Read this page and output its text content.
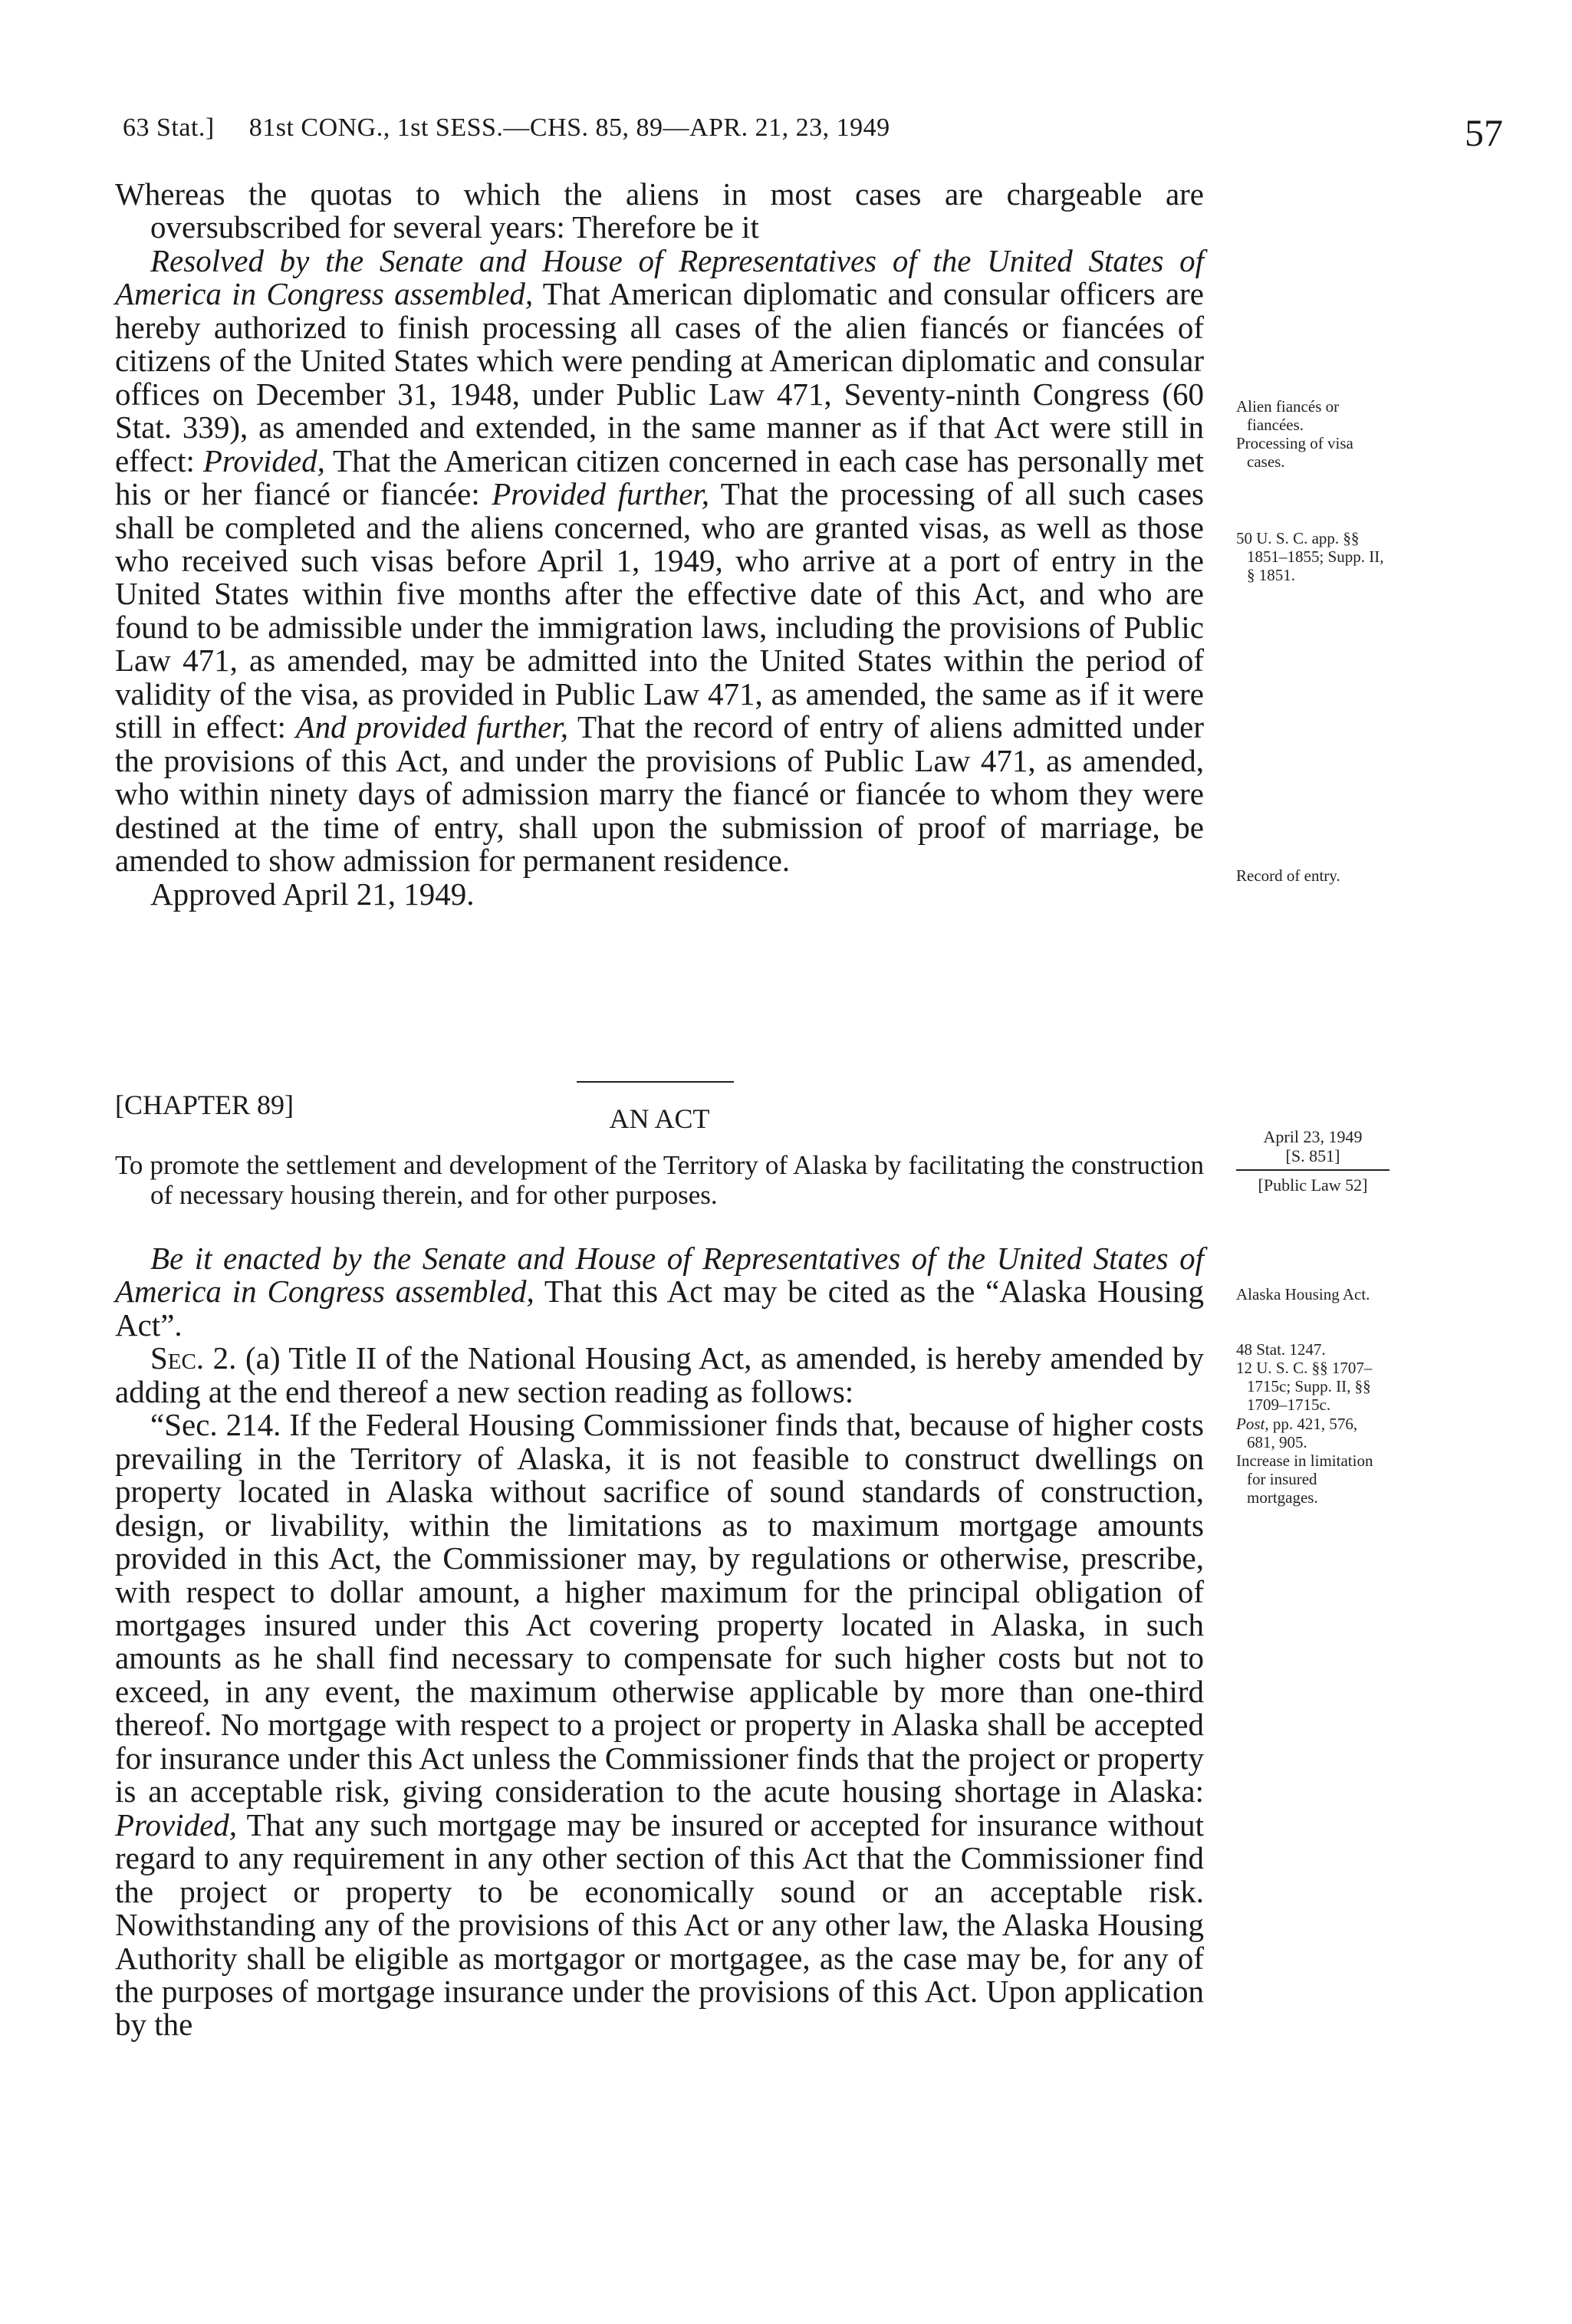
63 Stat.]     81st CONG., 1st SESS.—CHS. 85, 89—APR. 21, 23, 1949	57

Whereas the quotas to which the aliens in most cases are chargeable are oversubscribed for several years: Therefore be it

Resolved by the Senate and House of Representatives of the United States of America in Congress assembled, That American diplomatic and consular officers are hereby authorized to finish processing all cases of the alien fiancés or fiancées of citizens of the United States which were pending at American diplomatic and consular offices on December 31, 1948, under Public Law 471, Seventy-ninth Congress (60 Stat. 339), as amended and extended, in the same manner as if that Act were still in effect: Provided, That the American citizen concerned in each case has personally met his or her fiancé or fiancée: Provided further, That the processing of all such cases shall be completed and the aliens concerned, who are granted visas, as well as those who received such visas before April 1, 1949, who arrive at a port of entry in the United States within five months after the effective date of this Act, and who are found to be admissible under the immigration laws, including the provisions of Public Law 471, as amended, may be admitted into the United States within the period of validity of the visa, as provided in Public Law 471, as amended, the same as if it were still in effect: And provided further, That the record of entry of aliens admitted under the provisions of this Act, and under the provisions of Public Law 471, as amended, who within ninety days of admission marry the fiancé or fiancée to whom they were destined at the time of entry, shall upon the submission of proof of marriage, be amended to show admission for permanent residence.

Approved April 21, 1949.

[CHAPTER 89]	AN ACT

To promote the settlement and development of the Territory of Alaska by facilitating the construction of necessary housing therein, and for other purposes.

Be it enacted by the Senate and House of Representatives of the United States of America in Congress assembled, That this Act may be cited as the “Alaska Housing Act”.

Sec. 2. (a) Title II of the National Housing Act, as amended, is hereby amended by adding at the end thereof a new section reading as follows:

“Sec. 214. If the Federal Housing Commissioner finds that, because of higher costs prevailing in the Territory of Alaska, it is not feasible to construct dwellings on property located in Alaska without sacrifice of sound standards of construction, design, or livability, within the limitations as to maximum mortgage amounts provided in this Act, the Commissioner may, by regulations or otherwise, prescribe, with respect to dollar amount, a higher maximum for the principal obligation of mortgages insured under this Act covering property located in Alaska, in such amounts as he shall find necessary to compensate for such higher costs but not to exceed, in any event, the maximum otherwise applicable by more than one-third thereof. No mortgage with respect to a project or property in Alaska shall be accepted for insurance under this Act unless the Commissioner finds that the project or property is an acceptable risk, giving consideration to the acute housing shortage in Alaska: Provided, That any such mortgage may be insured or accepted for insurance without regard to any requirement in any other section of this Act that the Commissioner find the project or property to be economically sound or an acceptable risk. Nowithstanding any of the provisions of this Act or any other law, the Alaska Housing Authority shall be eligible as mortgagor or mortgagee, as the case may be, for any of the purposes of mortgage insurance under the provisions of this Act. Upon application by the

Alien fiancés or fiancées.

Processing of visa cases.

50 U. S. C. app. §§ 1851–1855; Supp. II, § 1851.

Record of entry.

April 23, 1949
[S. 851]
[Public Law 52]

Alaska Housing Act.

48 Stat. 1247.

12 U. S. C. §§ 1707–1715c; Supp. II, §§ 1709–1715c.

Post, pp. 421, 576, 681, 905.

Increase in limitation for insured mortgages.
